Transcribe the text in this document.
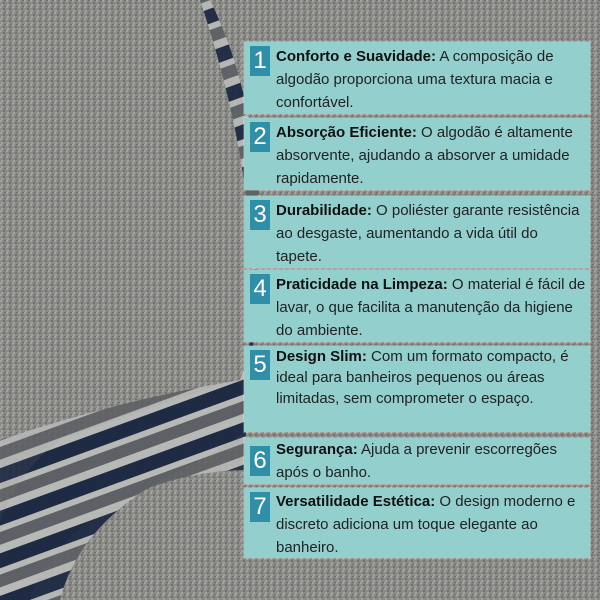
1 Conforto e Suavidade: A composição de algodão proporciona uma textura macia e confortável.
2 Absorção Eficiente: O algodão é altamente absorvente, ajudando a absorver a umidade rapidamente.
3 Durabilidade: O poliéster garante resistência ao desgaste, aumentando a vida útil do tapete.
4 Praticidade na Limpeza: O material é fácil de lavar, o que facilita a manutenção da higiene do ambiente.
5 Design Slim: Com um formato compacto, é ideal para banheiros pequenos ou áreas limitadas, sem comprometer o espaço.
6 Segurança: Ajuda a prevenir escorregões após o banho.
7 Versatilidade Estética: O design moderno e discreto adiciona um toque elegante ao banheiro.
